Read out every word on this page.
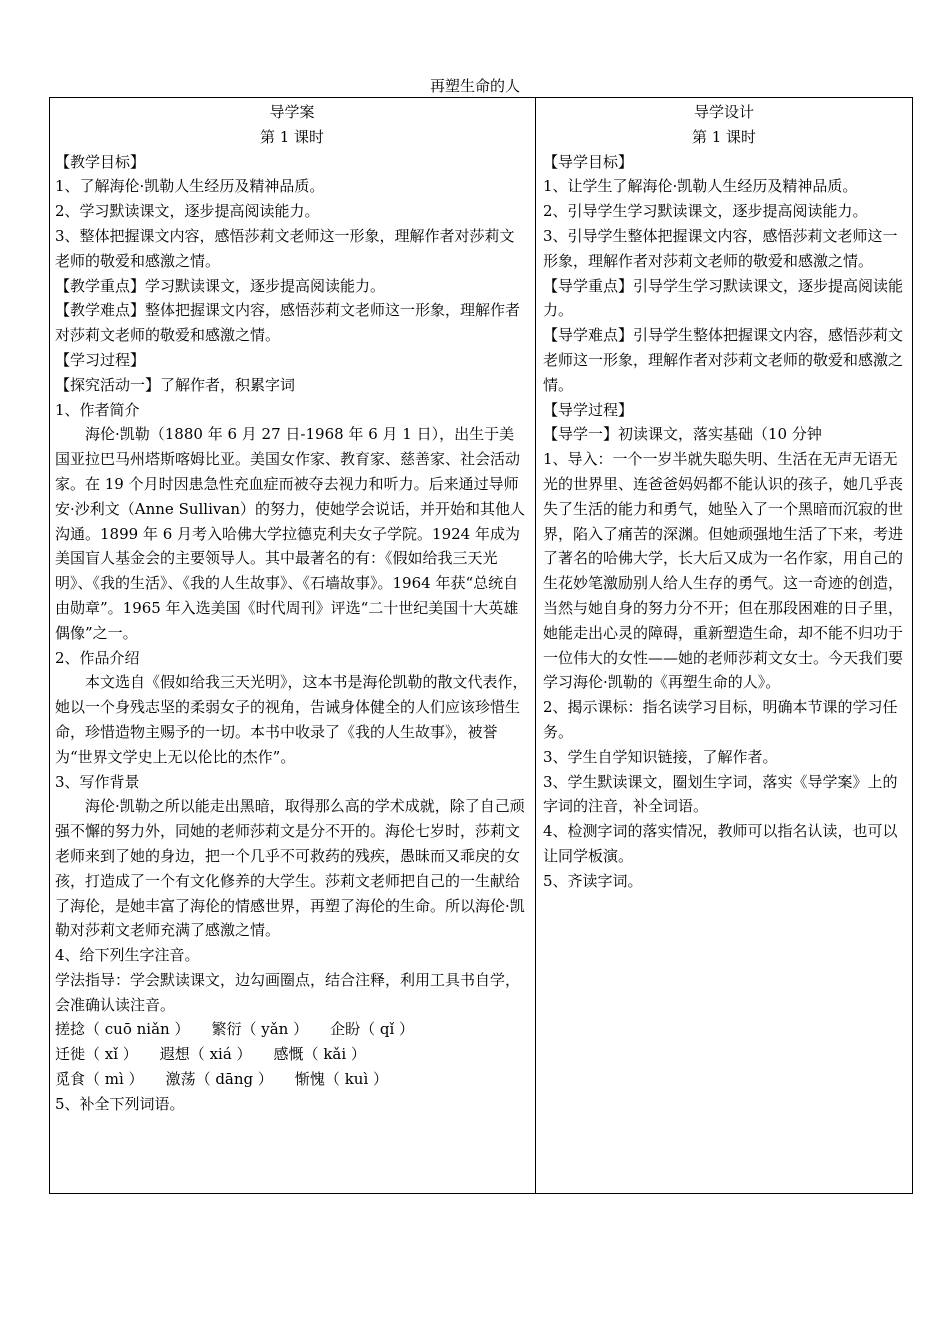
再塑生命的人

导学案

第 1 课时

【教学目标】

1、了解海伦·凯勒人生经历及精神品质。

2、学习默读课文，逐步提高阅读能力。

3、整体把握课文内容，感悟莎莉文老师这一形象，理解作者对莎莉文老师的敬爱和感激之情。

【教学重点】学习默读课文，逐步提高阅读能力。

【教学难点】整体把握课文内容，感悟莎莉文老师这一形象，理解作者对莎莉文老师的敬爱和感激之情。

【学习过程】

【探究活动一】了解作者，积累字词

1、作者简介

海伦·凯勒（1880 年 6 月 27 日-1968 年 6 月 1 日），出生于美国亚拉巴马州塔斯喀姆比亚。美国女作家、教育家、慈善家、社会活动家。在 19 个月时因患急性充血症而被夺去视力和听力。后来通过导师安·沙利文（Anne Sullivan）的努力，使她学会说话，并开始和其他人沟通。1899 年 6 月考入哈佛大学拉德克利夫女子学院。1924 年成为美国盲人基金会的主要领导人。其中最著名的有：《假如给我三天光明》、《我的生活》、《我的人生故事》、《石墙故事》。1964 年获“总统自由勋章”。1965 年入选美国《时代周刊》评选“二十世纪美国十大英雄偶像”之一。

2、作品介绍

本文选自《假如给我三天光明》，这本书是海伦凯勒的散文代表作，她以一个身残志坚的柔弱女子的视角，告诫身体健全的人们应该珍惜生命，珍惜造物主赐予的一切。本书中收录了《我的人生故事》，被誉为“世界文学史上无以伦比的杰作”。

3、写作背景

海伦·凯勒之所以能走出黑暗，取得那么高的学术成就，除了自己顽强不懈的努力外，同她的老师莎莉文是分不开的。海伦七岁时，莎莉文老师来到了她的身边，把一个几乎不可救药的残疾，愚昧而又乖戾的女孩，打造成了一个有文化修养的大学生。莎莉文老师把自己的一生献给了海伦，是她丰富了海伦的情感世界，再塑了海伦的生命。所以海伦·凯勒对莎莉文老师充满了感激之情。

4、给下列生字注音。

学法指导：学会默读课文，边勾画圈点，结合注释，利用工具书自学，会准确认读注音。

搓捻（ cuō niǎn ） 繁衍（ yǎn ） 企盼（ qǐ ）

迁徙（ xǐ ） 遐想（ xiá ） 感慨（ kǎi ）

觅食（ mì ） 激荡（ dāng ） 惭愧（ kuì ）

5、补全下列词语。

导学设计

第 1 课时

【导学目标】

1、让学生了解海伦·凯勒人生经历及精神品质。

2、引导学生学习默读课文，逐步提高阅读能力。

3、引导学生整体把握课文内容，感悟莎莉文老师这一形象，理解作者对莎莉文老师的敬爱和感激之情。

【导学重点】引导学生学习默读课文，逐步提高阅读能力。

【导学难点】引导学生整体把握课文内容，感悟莎莉文老师这一形象，理解作者对莎莉文老师的敬爱和感激之情。

【导学过程】

【导学一】初读课文，落实基础（10 分钟

1、导入：一个一岁半就失聪失明、生活在无声无语无光的世界里、连爸爸妈妈都不能认识的孩子，她几乎丧失了生活的能力和勇气，她坠入了一个黑暗而沉寂的世界，陷入了痛苦的深渊。但她顽强地生活了下来，考进了著名的哈佛大学，长大后又成为一名作家，用自己的生花妙笔激励别人给人生存的勇气。这一奇迹的创造，当然与她自身的努力分不开；但在那段困难的日子里，她能走出心灵的障碍，重新塑造生命，却不能不归功于一位伟大的女性——她的老师莎莉文女士。今天我们要学习海伦·凯勒的《再塑生命的人》。

2、揭示课标：指名读学习目标，明确本节课的学习任务。

3、学生自学知识链接，了解作者。

3、学生默读课文，圈划生字词，落实《导学案》上的字词的注音，补全词语。

4、检测字词的落实情况，教师可以指名认读，也可以让同学板演。

5、齐读字词。
